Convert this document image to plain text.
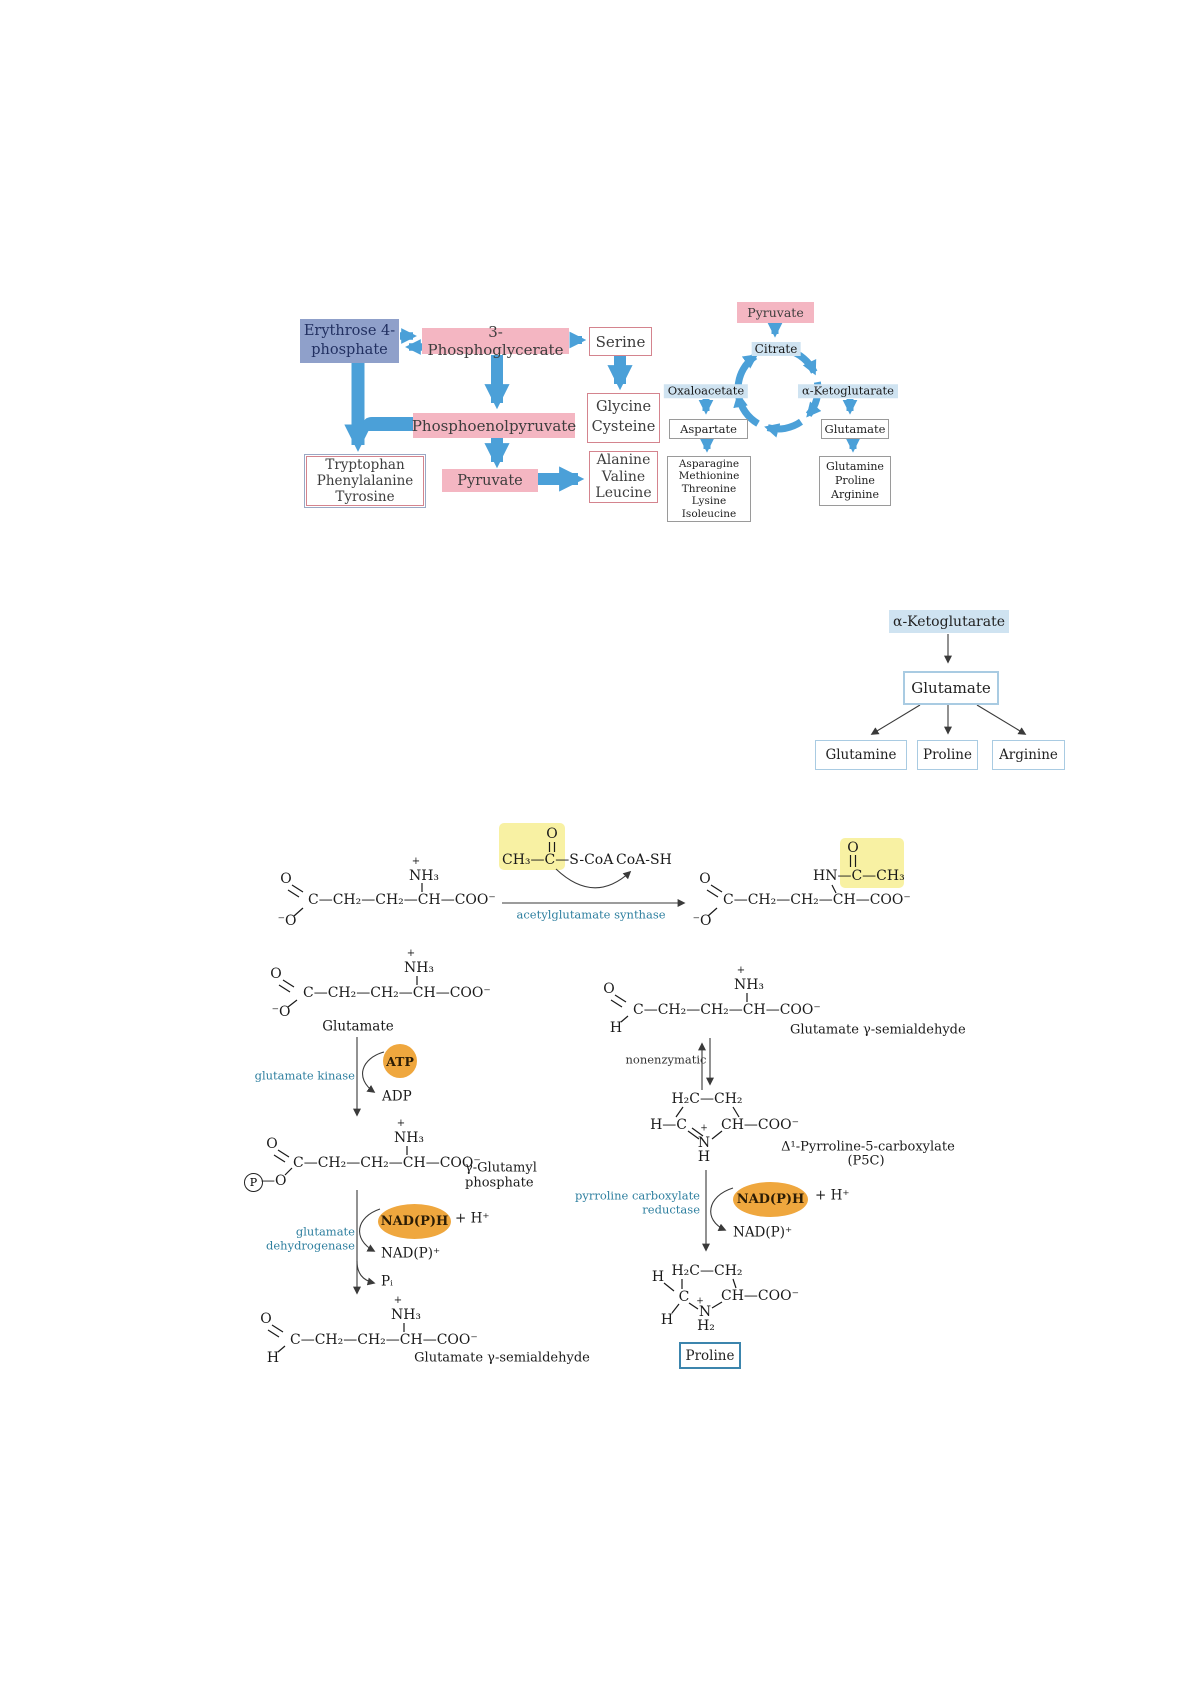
Erythrose 4-
phosphate
3-Phosphoglycerate	Serine
Phosphoenolpyruvate
Glycine
Cysteine
Tryptophan
Phenylalanine
Tyrosine
Pyruvate
Alanine
Valine
Leucine
Pyruvate
Citrate
Oxaloacetate	α-Ketoglutarate
Aspartate	Glutamate
Asparagine
Methionine
Threonine
Lysine
Isoleucine
Glutamine
Proline
Arginine
α-Ketoglutarate
Glutamate
Glutamine Proline Arginine
O
⁻O
C—CH₂—CH₂—CH—COO⁻
+
NH₃
CH₃—C—S-CoA
O
CoA-SH
acetylglutamate synthase
O
⁻O
C—CH₂—CH₂—CH—COO⁻
HN—C—CH₃
O
O
⁻O
C—CH₂—CH₂—CH—COO⁻
+
NH₃
Glutamate
glutamate kinase
ATP
ADP
O
C—CH₂—CH₂—CH—COO⁻
+
NH₃
P —O
γ-Glutamyl
phosphate
glutamate
dehydrogenase
NAD(P)H + H⁺
NAD(P)⁺
Pᵢ
O
C—CH₂—CH₂—CH—COO⁻
+
NH₃
H	Glutamate γ-semialdehyde
O
C—CH₂—CH₂—CH—COO⁻
+
NH₃
H	Glutamate γ-semialdehyde
nonenzymatic
H₂C—CH₂
H—C CH—COO⁻
+
N
H
Δ¹-Pyrroline-5-carboxylate
(P5C)
pyrroline carboxylate
reductase
NAD(P)H + H⁺
NAD(P)⁺
H₂C—CH₂
H
C + CH—COO⁻
H N
H₂
Proline
